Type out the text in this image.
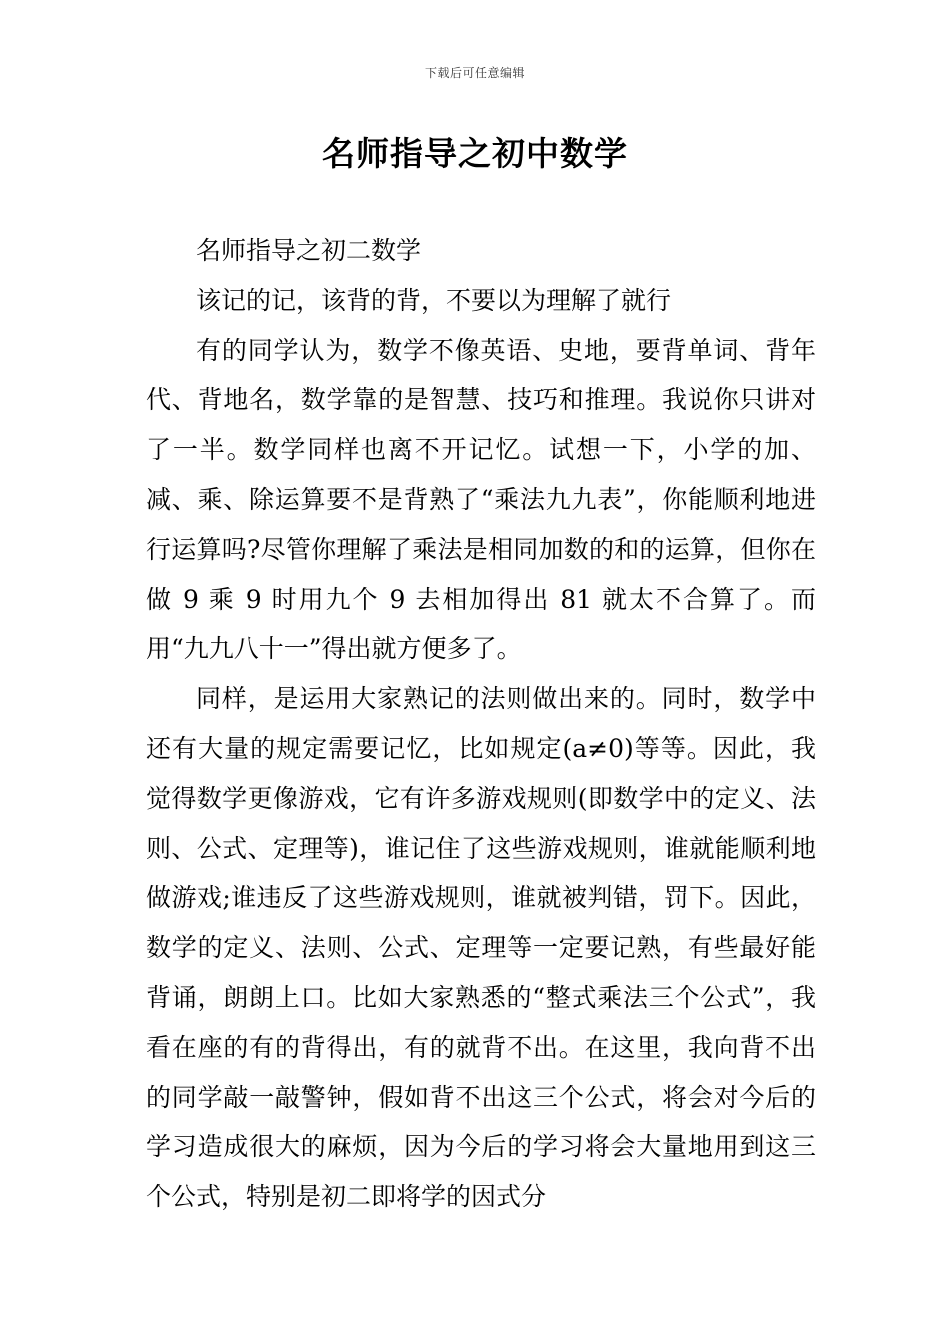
下载后可任意编辑
名师指导之初中数学

名师指导之初二数学

该记的记，该背的背，不要以为理解了就行

有的同学认为，数学不像英语、史地，要背单词、背年代、背地名，数学靠的是智慧、技巧和推理。我说你只讲对了一半。数学同样也离不开记忆。试想一下，小学的加、减、乘、除运算要不是背熟了“乘法九九表”，你能顺利地进行运算吗?尽管你理解了乘法是相同加数的和的运算，但你在做 9 乘 9 时用九个 9 去相加得出 81 就太不合算了。而用“九九八十一”得出就方便多了。

同样，是运用大家熟记的法则做出来的。同时，数学中还有大量的规定需要记忆，比如规定(a≠0)等等。因此，我觉得数学更像游戏，它有许多游戏规则(即数学中的定义、法则、公式、定理等)，谁记住了这些游戏规则，谁就能顺利地做游戏;谁违反了这些游戏规则，谁就被判错，罚下。因此，数学的定义、法则、公式、定理等一定要记熟，有些最好能背诵，朗朗上口。比如大家熟悉的“整式乘法三个公式”，我看在座的有的背得出，有的就背不出。在这里，我向背不出的同学敲一敲警钟，假如背不出这三个公式，将会对今后的学习造成很大的麻烦，因为今后的学习将会大量地用到这三个公式，特别是初二即将学的因式分
